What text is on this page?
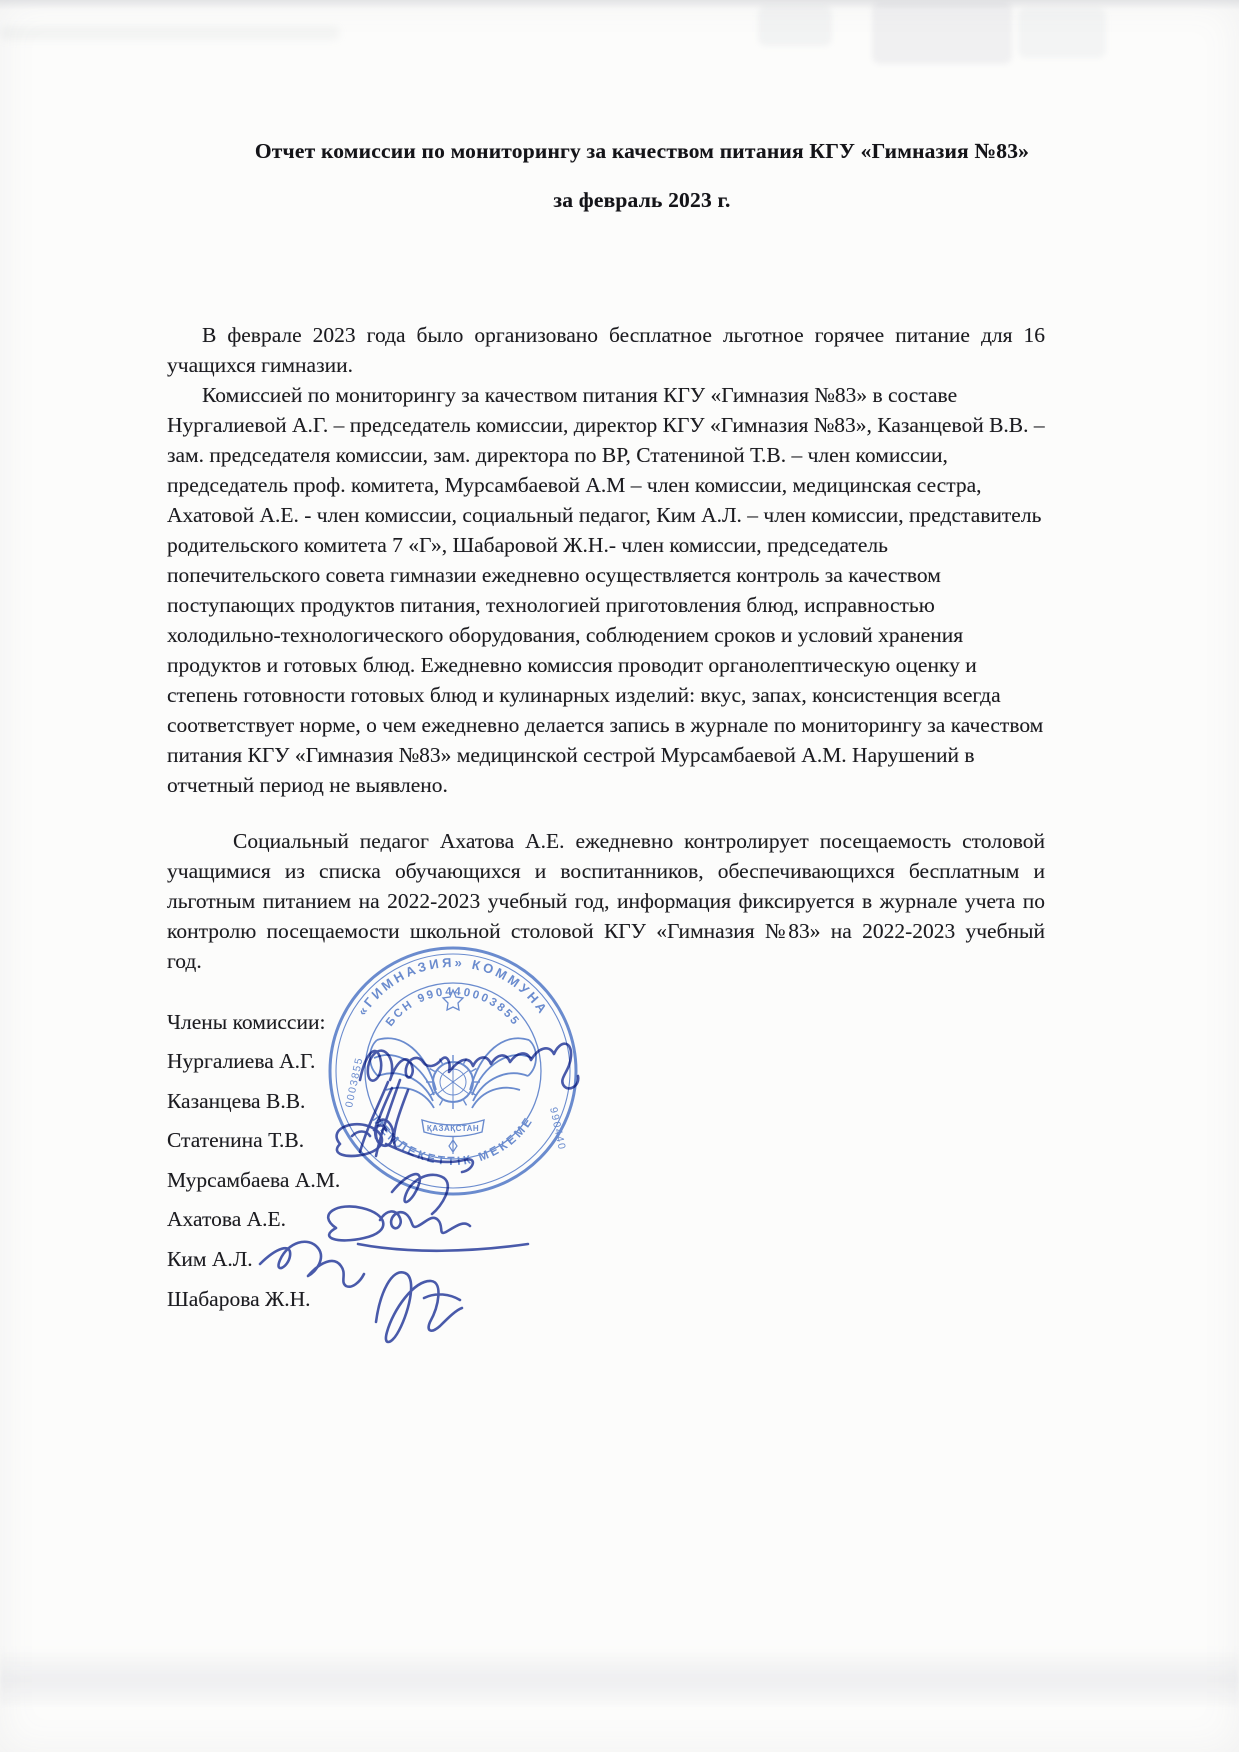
Отчет комиссии по мониторингу за качеством питания КГУ «Гимназия №83»
за февраль 2023 г.

В феврале 2023 года было организовано бесплатное льготное горячее питание для 16 учащихся гимназии.

Комиссией по мониторингу за качеством питания КГУ «Гимназия №83» в составе Нургалиевой А.Г. – председатель комиссии, директор КГУ «Гимназия №83», Казанцевой В.В. – зам. председателя комиссии, зам. директора по ВР, Статениной Т.В. – член комиссии, председатель проф. комитета, Мурсамбаевой А.М – член комиссии, медицинская сестра, Ахатовой А.Е. - член комиссии, социальный педагог, Ким А.Л. – член комиссии, представитель родительского комитета 7 «Г», Шабаровой Ж.Н.- член комиссии, председатель попечительского совета гимназии ежедневно осуществляется контроль за качеством поступающих продуктов питания, технологией приготовления блюд, исправностью холодильно-технологического оборудования, соблюдением сроков и условий хранения продуктов и готовых блюд. Ежедневно комиссия проводит органолептическую оценку и степень готовности готовых блюд и кулинарных изделий: вкус, запах, консистенция всегда соответствует норме, о чем ежедневно делается запись в журнале по мониторингу за качеством питания КГУ «Гимназия №83» медицинской сестрой Мурсамбаевой А.М. Нарушений в отчетный период не выявлено.

Социальный педагог Ахатова А.Е. ежедневно контролирует посещаемость столовой учащимися из списка обучающихся и воспитанников, обеспечивающихся бесплатным и льготным питанием на 2022-2023 учебный год, информация фиксируется в журнале учета по контролю посещаемости школьной столовой КГУ «Гимназия №83» на 2022-2023 учебный год.

Члены комиссии:
Нургалиева А.Г.
Казанцева В.В.
Статенина Т.В.
Мурсамбаева А.М.
Ахатова А.Е.
Ким А.Л.
Шабарова Ж.Н.
«ГИМНАЗИЯ» КОММУНА
МЕМЛЕКЕТТІК МЕКЕМЕ
БСН 990440003855
0003855
990440
ҚАЗАҚСТАН
